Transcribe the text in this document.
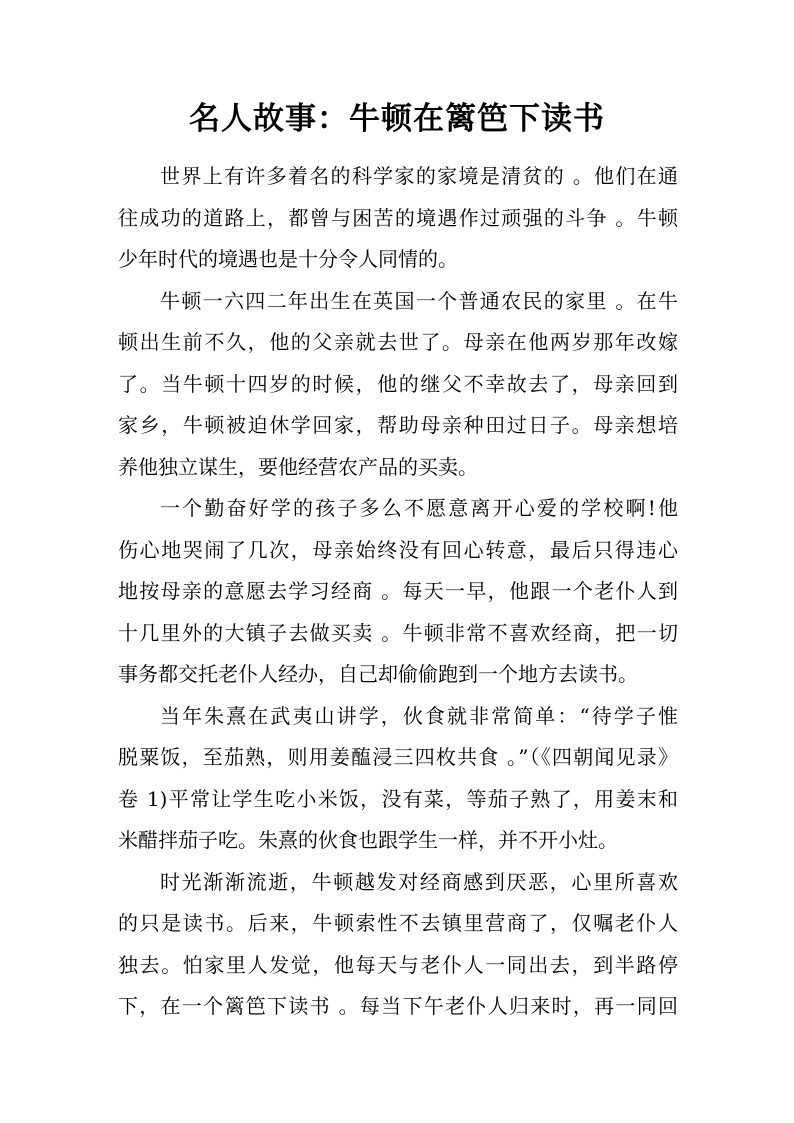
名人故事：牛顿在篱笆下读书
世界上有许多着名的科学家的家境是清贫的 。他们在通
往成功的道路上，都曾与困苦的境遇作过顽强的斗争 。牛顿
少年时代的境遇也是十分令人同情的。
牛顿一六四二年出生在英国一个普通农民的家里 。在牛
顿出生前不久，他的父亲就去世了。母亲在他两岁那年改嫁
了。当牛顿十四岁的时候，他的继父不幸故去了，母亲回到
家乡，牛顿被迫休学回家，帮助母亲种田过日子。母亲想培
养他独立谋生，要他经营农产品的买卖。
一个勤奋好学的孩子多么不愿意离开心爱的学校啊!他
伤心地哭闹了几次，母亲始终没有回心转意，最后只得违心
地按母亲的意愿去学习经商 。每天一早，他跟一个老仆人到
十几里外的大镇子去做买卖 。牛顿非常不喜欢经商，把一切
事务都交托老仆人经办，自己却偷偷跑到一个地方去读书。
当年朱熹在武夷山讲学，伙食就非常简单：“待学子惟
脱粟饭，至茄熟，则用姜醢浸三四枚共食 。”（《四朝闻见录》
卷 1)平常让学生吃小米饭，没有菜，等茄子熟了，用姜末和
米醋拌茄子吃。朱熹的伙食也跟学生一样，并不开小灶。
时光渐渐流逝，牛顿越发对经商感到厌恶，心里所喜欢
的只是读书。后来，牛顿索性不去镇里营商了，仅嘱老仆人
独去。怕家里人发觉，他每天与老仆人一同出去，到半路停
下，在一个篱笆下读书 。每当下午老仆人归来时，再一同回
